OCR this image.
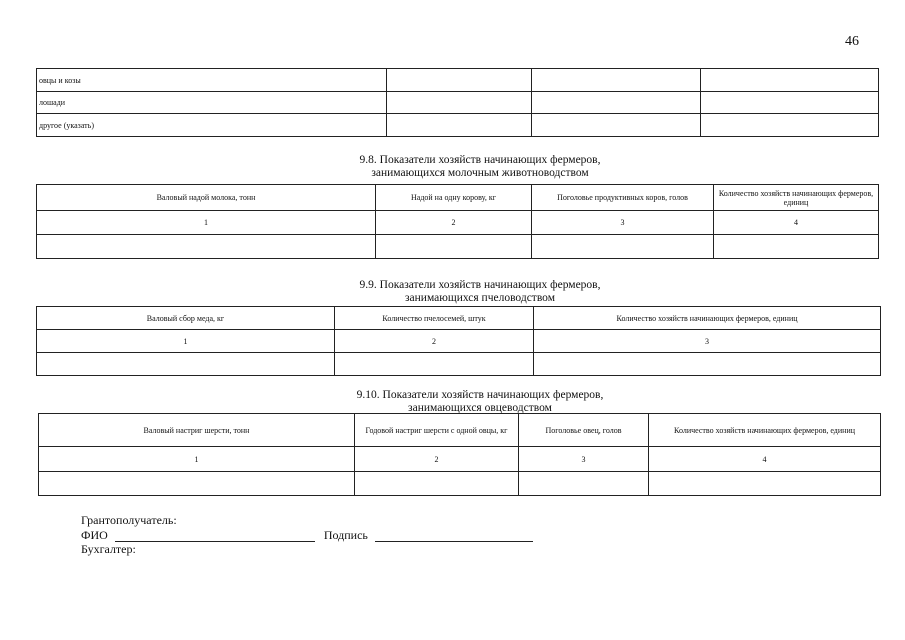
46
овцы и козы			
лошади			
другое (указать)			
9.8. Показатели хозяйств начинающих фермеров,
занимающихся молочным животноводством
Валовый надой молока, тонн	Надой на одну корову, кг	Поголовье продуктивных коров, голов	Количество хозяйств начинающих фермеров, единиц
1	2	3	4

9.9. Показатели хозяйств начинающих фермеров,
занимающихся пчеловодством
Валовый сбор меда, кг	Количество пчелосемей, штук	Количество хозяйств начинающих фермеров, единиц
1	2	3

9.10. Показатели хозяйств начинающих фермеров,
занимающихся овцеводством
Валовый настриг шерсти, тонн	Годовой настриг шерсти с одной овцы, кг	Поголовье овец, голов	Количество хозяйств начинающих фермеров, единиц
1	2	3	4

Грантополучатель:
ФИО	Подпись
Бухгалтер:
